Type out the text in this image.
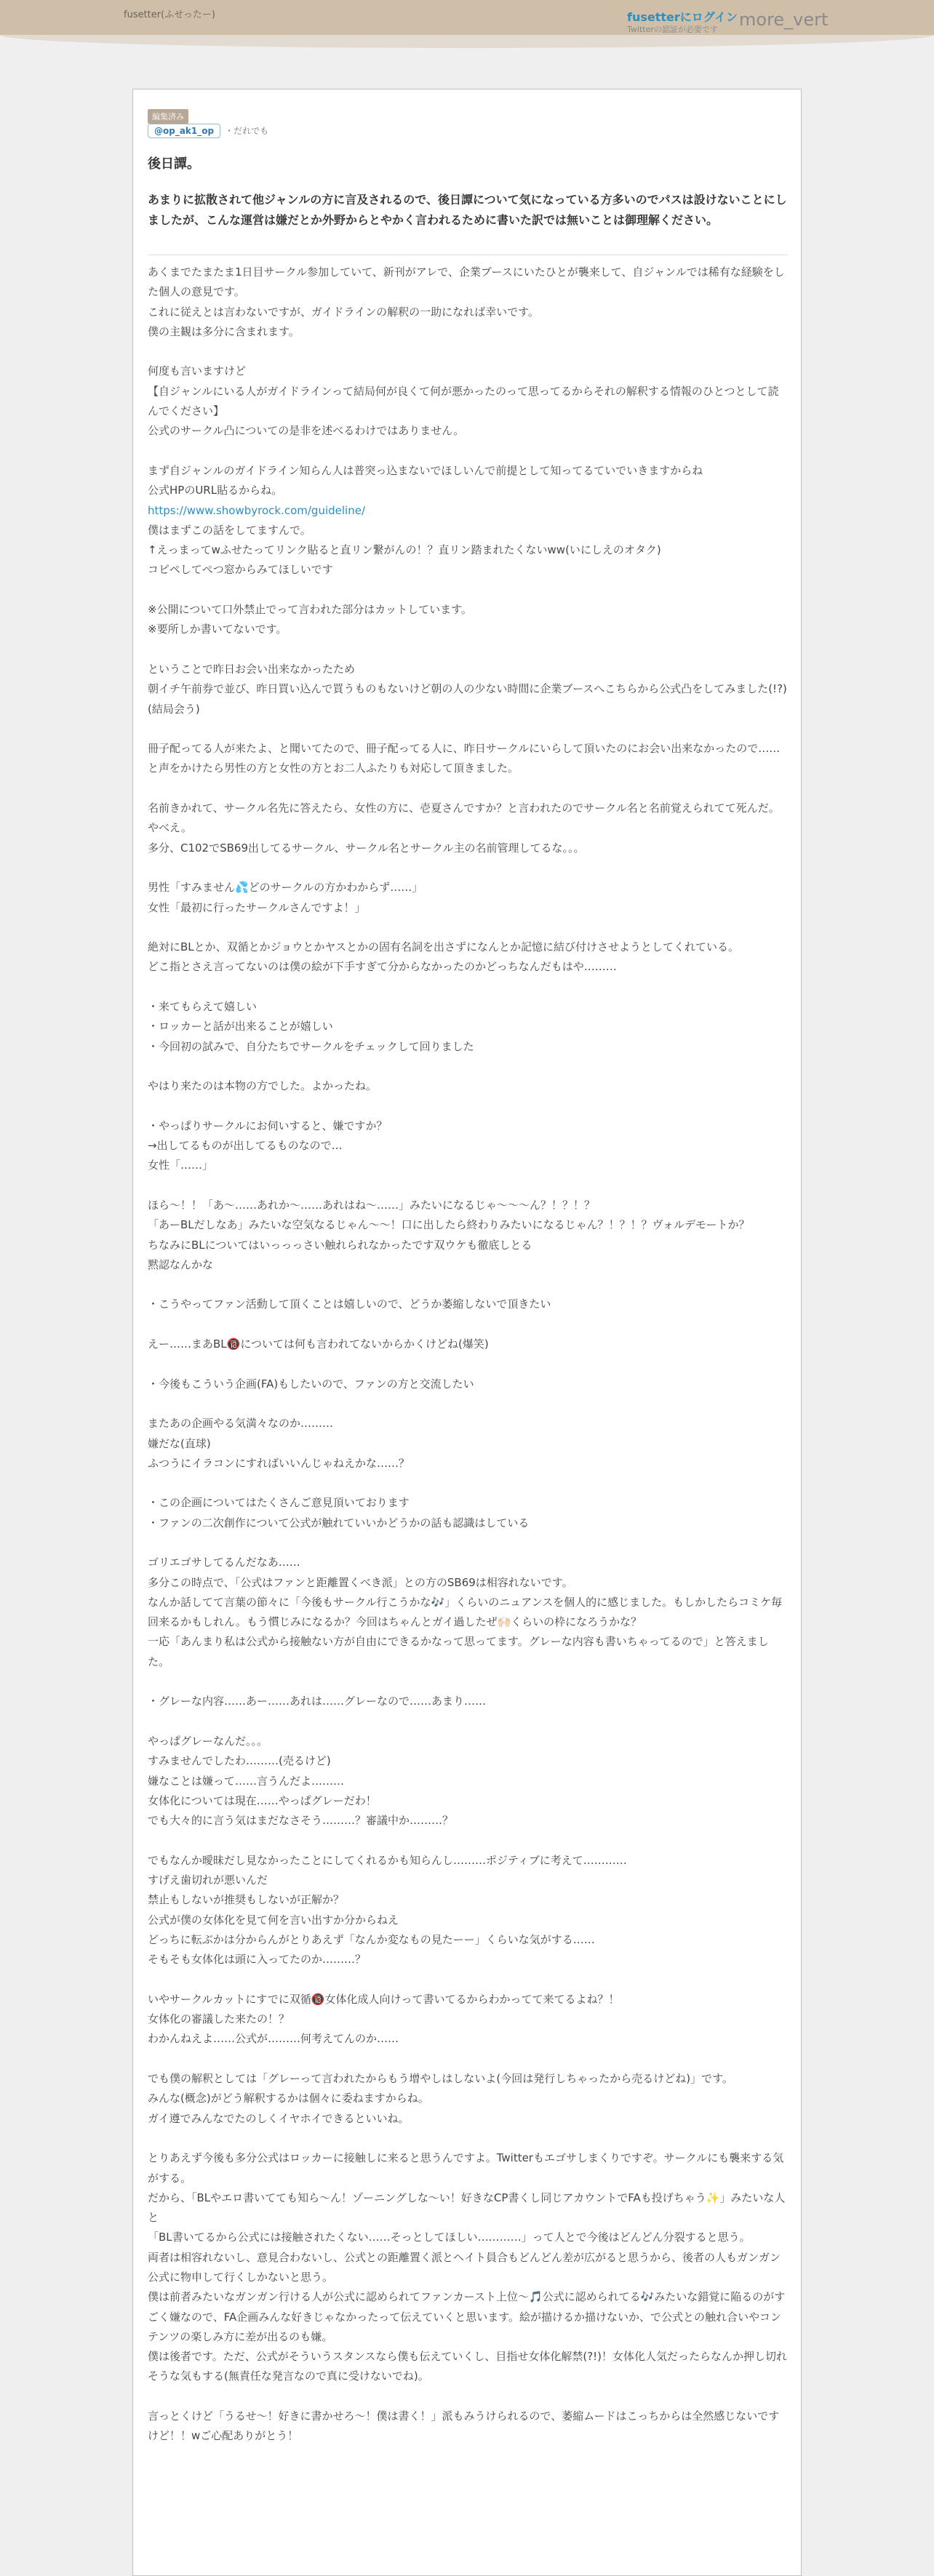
fusetter(ふせったー)	fusetterにログイン
Twitterの認証が必要です more_vert
編集済み
@op_ak1_op ・だれでも
後日譚。
あまりに拡散されて他ジャンルの方に言及されるので、後日譚について気になっている方多いのでパスは設けないことにしましたが、こんな運営は嫌だとか外野からとやかく言われるために書いた訳では無いことは御理解ください。
あくまでたまたま1日目サークル参加していて、新刊がアレで、企業ブースにいたひとが襲来して、自ジャンルでは稀有な経験をした個人の意見です。
これに従えとは言わないですが、ガイドラインの解釈の一助になれば幸いです。
僕の主観は多分に含まれます。

何度も言いますけど
【自ジャンルにいる人がガイドラインって結局何が良くて何が悪かったのって思ってるからそれの解釈する情報のひとつとして読んでください】
公式のサークル凸についての是非を述べるわけではありません。

まず自ジャンルのガイドライン知らん人は普突っ込まないでほしいんで前提として知ってるていでいきますからね
公式HPのURL貼るからね。
https://www.showbyrock.com/guideline/
僕はまずこの話をしてますんで。
↑えっまってwふせたってリンク貼ると直リン繋がんの！？直リン踏まれたくないww(いにしえのオタク)
コピペしてぺつ窓からみてほしいです

※公開について口外禁止でって言われた部分はカットしています。
※要所しか書いてないです。

ということで昨日お会い出来なかったため
朝イチ午前券で並び、昨日買い込んで買うものもないけど朝の人の少ない時間に企業ブースへこちらから公式凸をしてみました(!?)(結局会う)

冊子配ってる人が来たよ、と聞いてたので、冊子配ってる人に、昨日サークルにいらして頂いたのにお会い出来なかったので……と声をかけたら男性の方と女性の方とお二人ふたりも対応して頂きました。

名前きかれて、サークル名先に答えたら、女性の方に、壱夏さんですか？と言われたのでサークル名と名前覚えられてて死んだ。やべえ。
多分、C102でSB69出してるサークル、サークル名とサークル主の名前管理してるな。。。

男性「すみません💦どのサークルの方かわからず……」
女性「最初に行ったサークルさんですよ！」

絶対にBLとか、双循とかジョウとかヤスとかの固有名詞を出さずになんとか記憶に結び付けさせようとしてくれている。
どこ指とさえ言ってないのは僕の絵が下手すぎて分からなかったのかどっちなんだもはや………

・来てもらえて嬉しい
・ロッカーと話が出来ることが嬉しい
・今回初の試みで、自分たちでサークルをチェックして回りました

やはり来たのは本物の方でした。よかったね。

・やっぱりサークルにお伺いすると、嫌ですか？
→出してるものが出してるものなので…
女性「……」

ほら〜！！「あ〜……あれか〜……あれはね〜……」みたいになるじゃ〜〜〜ん？！？！？
「あーBLだしなあ」みたいな空気なるじゃん〜〜！口に出したら終わりみたいになるじゃん？！？！？ヴォルデモートか？
ちなみにBLについてはいっっっさい触れられなかったです双ウケも徹底しとる
黙認なんかな

・こうやってファン活動して頂くことは嬉しいので、どうか萎縮しないで頂きたい

えー……まあBL🔞については何も言われてないからかくけどね(爆笑)

・今後もこういう企画(FA)もしたいので、ファンの方と交流したい

またあの企画やる気満々なのか………
嫌だな(直球)
ふつうにイラコンにすればいいんじゃねえかな……？

・この企画についてはたくさんご意見頂いております
・ファンの二次創作について公式が触れていいかどうかの話も認識はしている

ゴリエゴサしてるんだなあ……
多分この時点で、「公式はファンと距離置くべき派」との方のSB69は相容れないです。
なんか話してて言葉の節々に「今後もサークル行こうかな🎶」くらいのニュアンスを個人的に感じました。もしかしたらコミケ毎回来るかもしれん。もう慣じみになるか？今回はちゃんとガイ過したぜ🙌🏻くらいの枠になろうかな？
一応「あんまり私は公式から接触ない方が自由にできるかなって思ってます。グレーな内容も書いちゃってるので」と答えました。

・グレーな内容……あー……あれは……グレーなので……あまり……

やっぱグレーなんだ。。。
すみませんでしたわ………(売るけど)
嫌なことは嫌って……言うんだよ………
女体化については現在……やっぱグレーだわ！
でも大々的に言う気はまだなさそう………？審議中か………？

でもなんか曖昧だし見なかったことにしてくれるかも知らんし………ポジティブに考えて…………
すげえ歯切れが悪いんだ
禁止もしないが推奨もしないが正解か？
公式が僕の女体化を見て何を言い出すか分からねえ
どっちに転ぶかは分からんがとりあえず「なんか変なもの見たーー」くらいな気がする……
そもそも女体化は頭に入ってたのか………？

いやサークルカットにすでに双循🔞女体化成人向けって書いてるからわかってて来てるよね？！
女体化の審議した来たの！？
わかんねえよ……公式が………何考えてんのか……

でも僕の解釈としては「グレーって言われたからもう增やしはしないよ(今回は発行しちゃったから売るけどね)」です。
みんな(概念)がどう解釈するかは個々に委ねますからね。
ガイ遵でみんなでたのしくイヤホイできるといいね。

とりあえず今後も多分公式はロッカーに接触しに来ると思うんですよ。Twitterもエゴサしまくりですぞ。サークルにも襲来する気がする。
だから、「BLやエロ書いてても知ら〜ん！ゾーニングしな〜い！好きなCP書くし同じアカウントでFAも投げちゃう✨」みたいな人と
「BL書いてるから公式には接触されたくない……そっとしてほしい…………」って人とで今後はどんどん分裂すると思う。
両者は相容れないし、意見合わないし、公式との距離置く派とヘイト員合もどんどん差が広がると思うから、後者の人もガンガン公式に物申して行くしかないと思う。
僕は前者みたいなガンガン行ける人が公式に認められてファンカースト上位〜🎵公式に認められてる🎶みたいな錯覚に陥るのがすごく嫌なので、FA企画みんな好きじゃなかったって伝えていくと思います。絵が描けるか描けないか、で公式との触れ合いやコンテンツの楽しみ方に差が出るのも嫌。
僕は後者です。ただ、公式がそういうスタンスなら僕も伝えていくし、目指せ女体化解禁(?!)！女体化人気だったらなんか押し切れそうな気もする(無責任な発言なので真に受けないでね)。

言っとくけど「うるせ〜！好きに書かせろ〜！僕は書く！」派もみうけられるので、萎縮ムードはこっちからは全然感じないですけど！！wご心配ありがとう！
